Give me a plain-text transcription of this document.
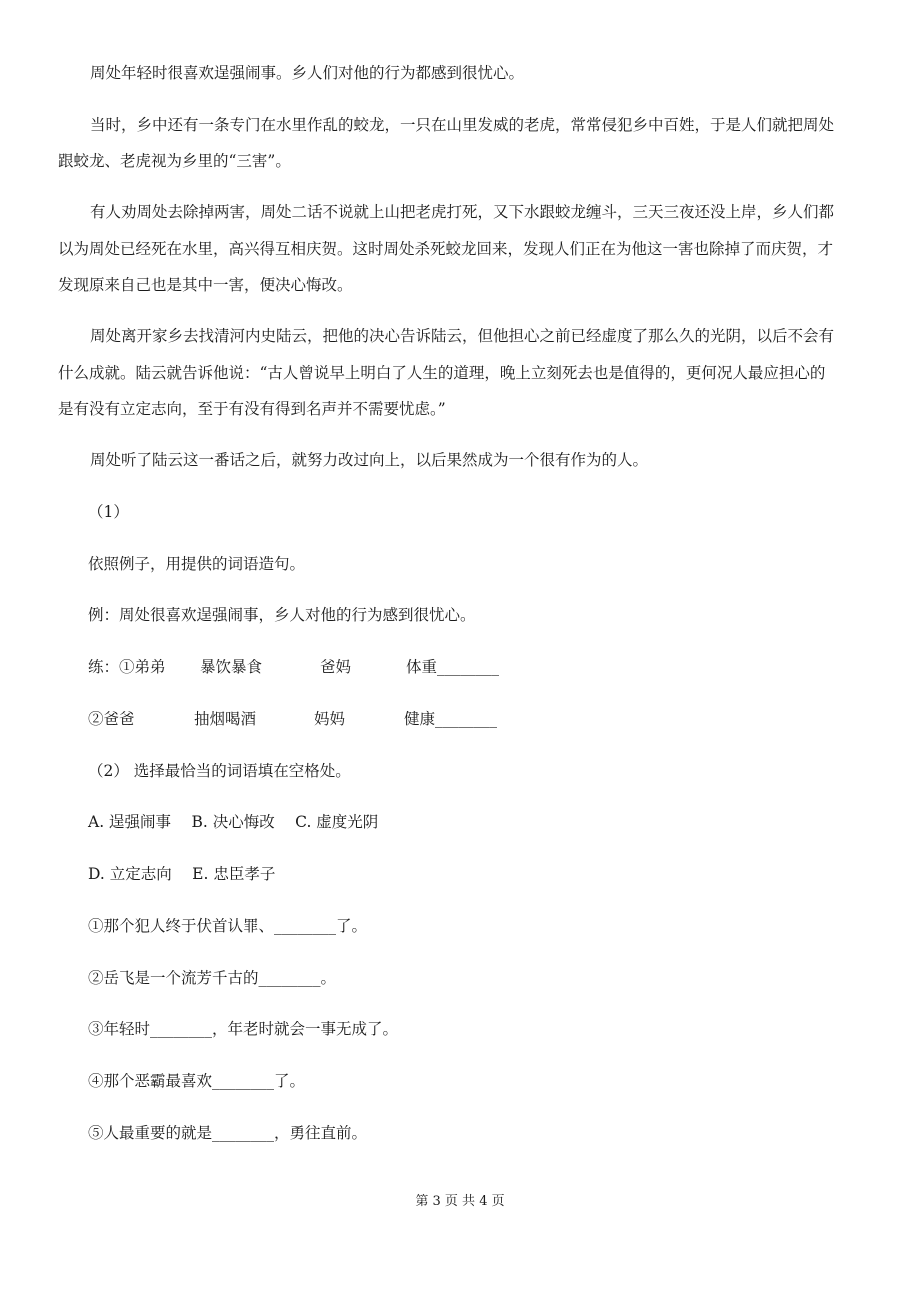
周处年轻时很喜欢逞强闹事。乡人们对他的行为都感到很忧心。
当时，乡中还有一条专门在水里作乱的蛟龙，一只在山里发威的老虎，常常侵犯乡中百姓，于是人们就把周处
跟蛟龙、老虎视为乡里的“三害”。
有人劝周处去除掉两害，周处二话不说就上山把老虎打死，又下水跟蛟龙缠斗，三天三夜还没上岸，乡人们都
以为周处已经死在水里，高兴得互相庆贺。这时周处杀死蛟龙回来，发现人们正在为他这一害也除掉了而庆贺，才
发现原来自己也是其中一害，便决心悔改。
周处离开家乡去找清河内史陆云，把他的决心告诉陆云，但他担心之前已经虚度了那么久的光阴，以后不会有
什么成就。陆云就告诉他说：“古人曾说早上明白了人生的道理，晚上立刻死去也是值得的，更何况人最应担心的
是有没有立定志向，至于有没有得到名声并不需要忧虑。”
周处听了陆云这一番话之后，就努力改过向上，以后果然成为一个很有作为的人。
（1）
依照例子，用提供的词语造句。
例：周处很喜欢逞强闹事，乡人对他的行为感到很忧心。
练：①弟弟 暴饮暴食	爸妈	体重________
②爸爸	抽烟喝酒	妈妈	健康________
（2） 选择最恰当的词语填在空格处。
A. 逞强闹事　 B. 决心悔改　 C. 虚度光阴
D. 立定志向　 E. 忠臣孝子
①那个犯人终于伏首认罪、________了。
②岳飞是一个流芳千古的________。
③年轻时________，年老时就会一事无成了。
④那个恶霸最喜欢________了。
⑤人最重要的就是________，勇往直前。
第 3 页 共 4 页
